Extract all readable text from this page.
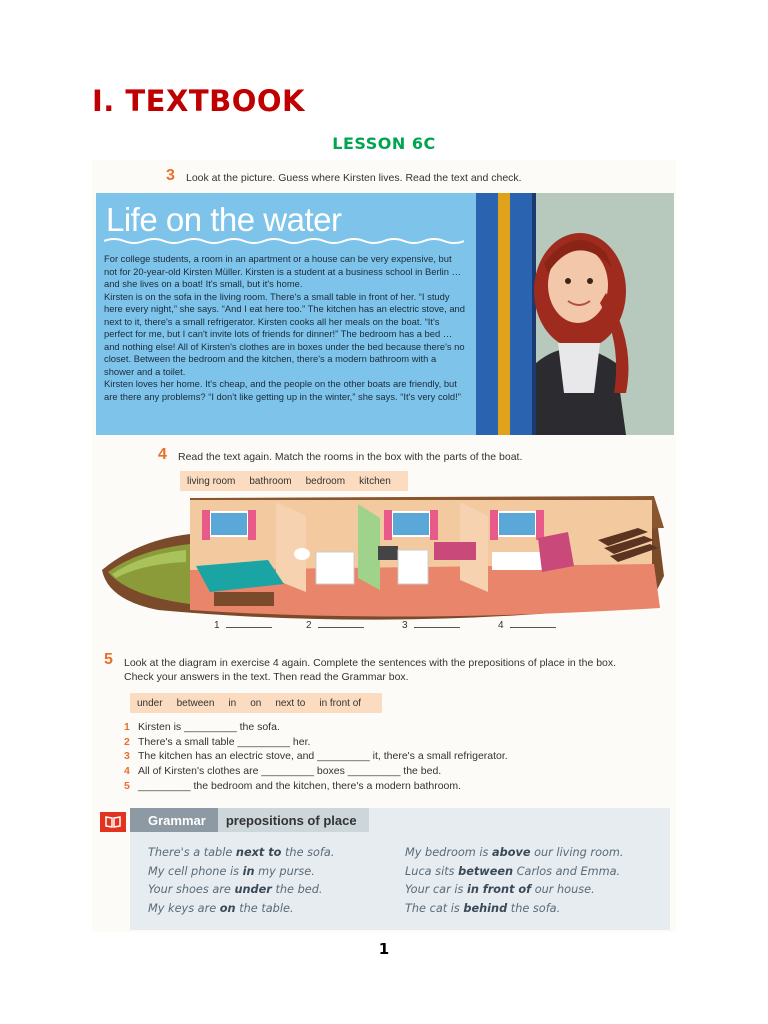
I. TEXTBOOK
LESSON 6C
3 Look at the picture. Guess where Kirsten lives. Read the text and check.
Life on the water

For college students, a room in an apartment or a house can be very expensive, but not for 20-year-old Kirsten Müller. Kirsten is a student at a business school in Berlin … and she lives on a boat! It's small, but it's home.

Kirsten is on the sofa in the living room. There's a small table in front of her. “I study here every night,” she says. “And I eat here too.” The kitchen has an electric stove, and next to it, there's a small refrigerator. Kirsten cooks all her meals on the boat. “It's perfect for me, but I can't invite lots of friends for dinner!” The bedroom has a bed … and nothing else! All of Kirsten's clothes are in boxes under the bed because there's no closet. Between the bedroom and the kitchen, there's a modern bathroom with a shower and a toilet.

Kirsten loves her home. It's cheap, and the people on the other boats are friendly, but are there any problems? “I don't like getting up in the winter,” she says. “It's very cold!”

4 Read the text again. Match the rooms in the box with the parts of the boat.
living room	bathroom	bedroom	kitchen
1	2	3	4
5 Look at the diagram in exercise 4 again. Complete the sentences with the prepositions of place in the box.
Check your answers in the text. Then read the Grammar box.
under	between	in	on	next to	in front of
1 Kirsten is _________ the sofa.
2 There's a small table _________ her.
3 The kitchen has an electric stove, and _________ it, there's a small refrigerator.
4 All of Kirsten's clothes are _________ boxes _________ the bed.
5 _________ the bedroom and the kitchen, there's a modern bathroom.
Grammar	prepositions of place
There's a table next to the sofa.
My cell phone is in my purse.
Your shoes are under the bed.
My keys are on the table.
My bedroom is above our living room.
Luca sits between Carlos and Emma.
Your car is in front of our house.
The cat is behind the sofa.
1
